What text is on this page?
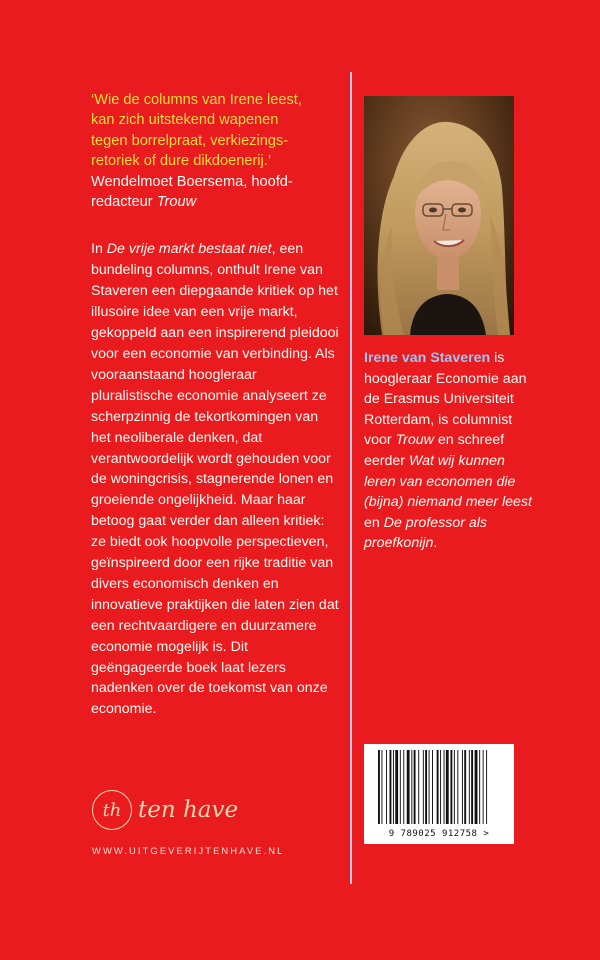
‘Wie de columns van Irene leest,
kan zich uitstekend wapenen
tegen borrelpraat, verkiezings-
retoriek of dure dikdoenerij.’

Wendelmoet Boersema, hoofd-
redacteur Trouw

In De vrije markt bestaat niet, een bundeling columns, onthult Irene van Staveren een diepgaande kritiek op het illusoire idee van een vrije markt, gekoppeld aan een inspirerend pleidooi voor een economie van verbinding. Als vooraanstaand hoogleraar pluralistische economie analyseert ze scherpzinnig de tekortkomingen van het neoliberale denken, dat verantwoordelijk wordt gehouden voor de woningcrisis, stagnerende lonen en groeiende ongelijkheid. Maar haar betoog gaat verder dan alleen kritiek: ze biedt ook hoopvolle perspectieven, geïnspireerd door een rijke traditie van divers economisch denken en innovatieve praktijken die laten zien dat een rechtvaardigere en duurzamere economie mogelijk is. Dit geëngageerde boek laat lezers nadenken over de toekomst van onze economie.

Irene van Staveren is hoogleraar Economie aan de Erasmus Universiteit Rotterdam, is columnist voor Trouw en schreef eerder Wat wij kunnen leren van economen die (bijna) niemand meer leest en De professor als proefkonijn.
9 789025 912758 >
th ten have
WWW.UITGEVERIJTENHAVE.NL
